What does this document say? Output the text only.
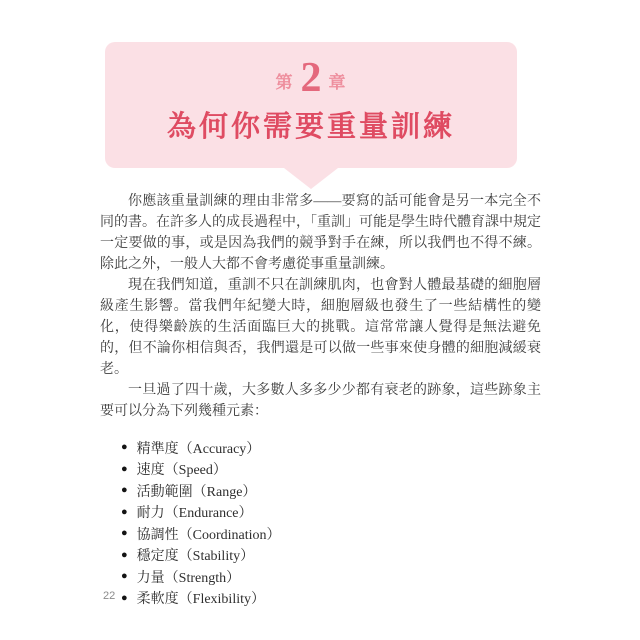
第 2 章
為何你需要重量訓練

你應該重量訓練的理由非常多——要寫的話可能會是另一本完全不同的書。在許多人的成長過程中，「重訓」可能是學生時代體育課中規定一定要做的事，或是因為我們的競爭對手在練，所以我們也不得不練。除此之外，一般人大都不會考慮從事重量訓練。

現在我們知道，重訓不只在訓練肌肉，也會對人體最基礎的細胞層級產生影響。當我們年紀變大時，細胞層級也發生了一些結構性的變化，使得樂齡族的生活面臨巨大的挑戰。這常常讓人覺得是無法避免的，但不論你相信與否，我們還是可以做一些事來使身體的細胞減緩衰老。

一旦過了四十歲，大多數人多多少少都有衰老的跡象，這些跡象主要可以分為下列幾種元素：

● 精準度（Accuracy）
● 速度（Speed）
● 活動範圍（Range）
● 耐力（Endurance）
● 協調性（Coordination）
● 穩定度（Stability）
● 力量（Strength）
● 柔軟度（Flexibility）
22
